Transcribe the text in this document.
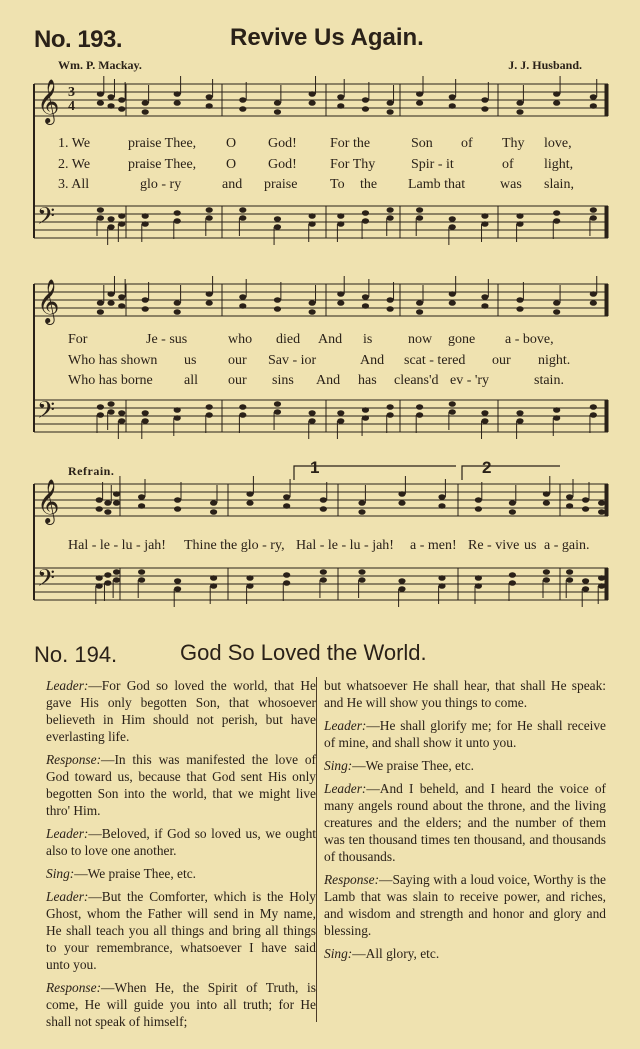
No. 193.	Revive Us Again.
Wm. P. Mackay.	J. J. Husband.
𝄞
𝄢
𝄞
𝄢
𝄞
𝄢
1. We	praise Thee, O God! For the	Son of Thy love,
2. We	praise Thee, O God! For Thy	Spir - it	of light,
3. All	glo - ry	and praise To the Lamb that was slain,
For	Je - sus	who died And is	now gone a - bove,
Who has shown us our Sav - ior	And scat - tered our night.
Who has borne all our sins And has cleans'd ev - 'ry	stain.
Refrain.	1	2
Hal - le - lu - jah! Thine the glo - ry, Hal - le - lu - jah! a - men! Re - vive us a - gain.
No. 194.	God So Loved the World.

Leader:—For God so loved the world, that He gave His only begotten Son, that whosoever believeth in Him should not perish, but have everlasting life.

Response:—In this was manifested the love of God toward us, because that God sent His only begotten Son into the world, that we might live thro' Him.

Leader:—Beloved, if God so loved us, we ought also to love one another.

Sing:—We praise Thee, etc.

Leader:—But the Comforter, which is the Holy Ghost, whom the Father will send in My name, He shall teach you all things and bring all things to your remembrance, whatsoever I have said unto you.

Response:—When He, the Spirit of Truth, is come, He will guide you into all truth; for He shall not speak of himself;

but whatsoever He shall hear, that shall He speak: and He will show you things to come.

Leader:—He shall glorify me; for He shall receive of mine, and shall show it unto you.

Sing:—We praise Thee, etc.

Leader:—And I beheld, and I heard the voice of many angels round about the throne, and the living creatures and the elders; and the number of them was ten thousand times ten thousand, and thousands of thousands.

Response:—Saying with a loud voice, Worthy is the Lamb that was slain to receive power, and riches, and wisdom and strength and honor and glory and blessing.

Sing:—All glory, etc.

3
4
